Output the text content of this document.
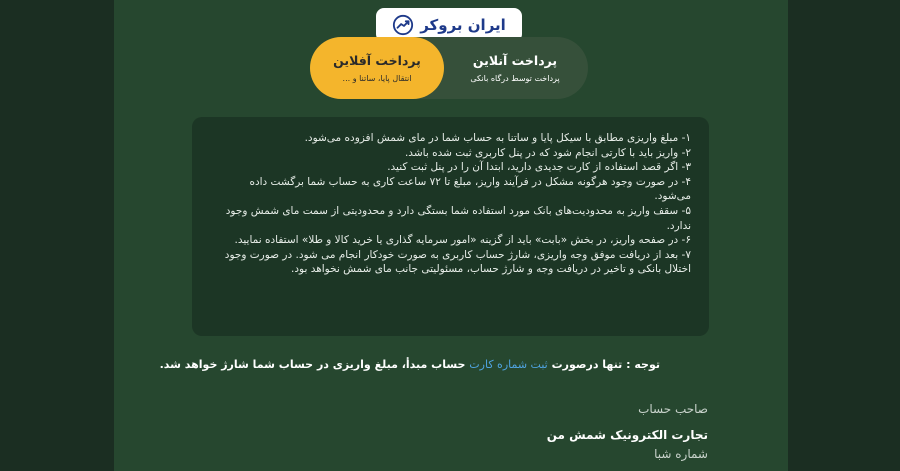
ایران بروکر
پرداخت آنلاین
پرداخت توسط درگاه بانکی
پرداخت آفلاین
انتقال پایا، ساتنا و ...

۱- مبلغ واریزی مطابق با سیکل پایا و ساتنا به حساب شما در مای شمش افزوده می‌شود.

۲- واریز باید با کارتی انجام شود که در پنل کاربری ثبت شده باشد.

۳- اگر قصد استفاده از کارت جدیدی دارید، ابتدا آن را در پنل ثبت کنید.

۴- در صورت وجود هرگونه مشکل در فرآیند واریز، مبلغ تا ۷۲ ساعت کاری به حساب شما برگشت داده می‌شود.

۵- سقف واریز به محدودیت‌های بانک مورد استفاده شما بستگی دارد و محدودیتی از سمت مای شمش وجود ندارد.

۶- در صفحه واریز، در بخش «بابت» باید از گزینه «امور سرمایه گذاری یا خرید کالا و طلا» استفاده نمایید.

۷- بعد از دریافت موفق وجه واریزی، شارژ حساب کاربری به صورت خودکار انجام می شود. در صورت وجود اختلال بانکی و تاخیر در دریافت وجه و شارژ حساب، مسئولیتی جانب مای شمش نخواهد بود.

توجه : تنها درصورت ثبت شماره کارت حساب مبدأ، مبلغ واریزی در حساب شما شارژ خواهد شد.
صاحب حساب
تجارت الکترونیک شمش من
شماره شبا
